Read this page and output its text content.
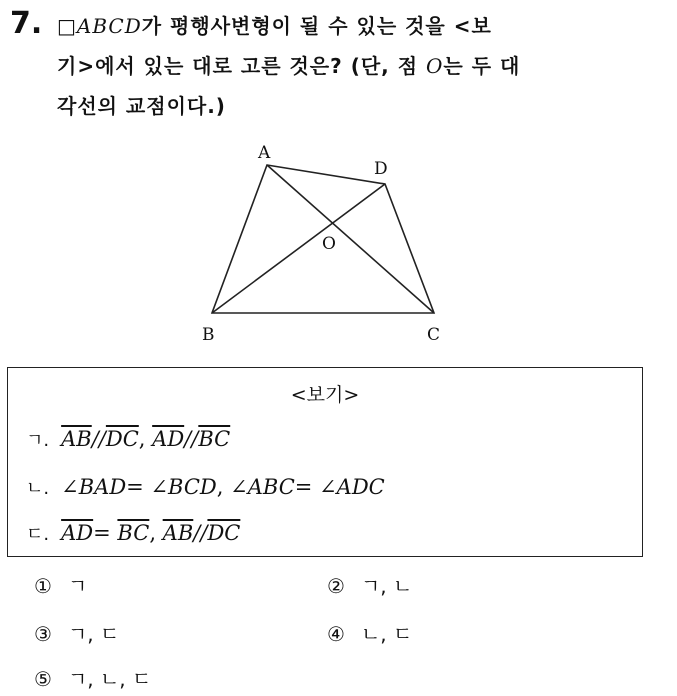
7. □ABCD가 평행사변형이 될 수 있는 것을 <보
기>에서 있는 대로 고른 것은? (단, 점 O는 두 대
각선의 교점이다.)
A
D
O
B	C
<보기>
ㄱ. $\overline{AB}//\overline{DC}$, $\overline{AD}//\overline{BC}$
ㄴ. ∠BAD= ∠BCD, ∠ABC= ∠ADC
ㄷ. $\overline{AD}= \overline{BC}$, $\overline{AB}//\overline{DC}$
① ㄱ	② ㄱ, ㄴ
③ ㄱ, ㄷ	④ ㄴ, ㄷ
⑤ ㄱ, ㄴ, ㄷ
